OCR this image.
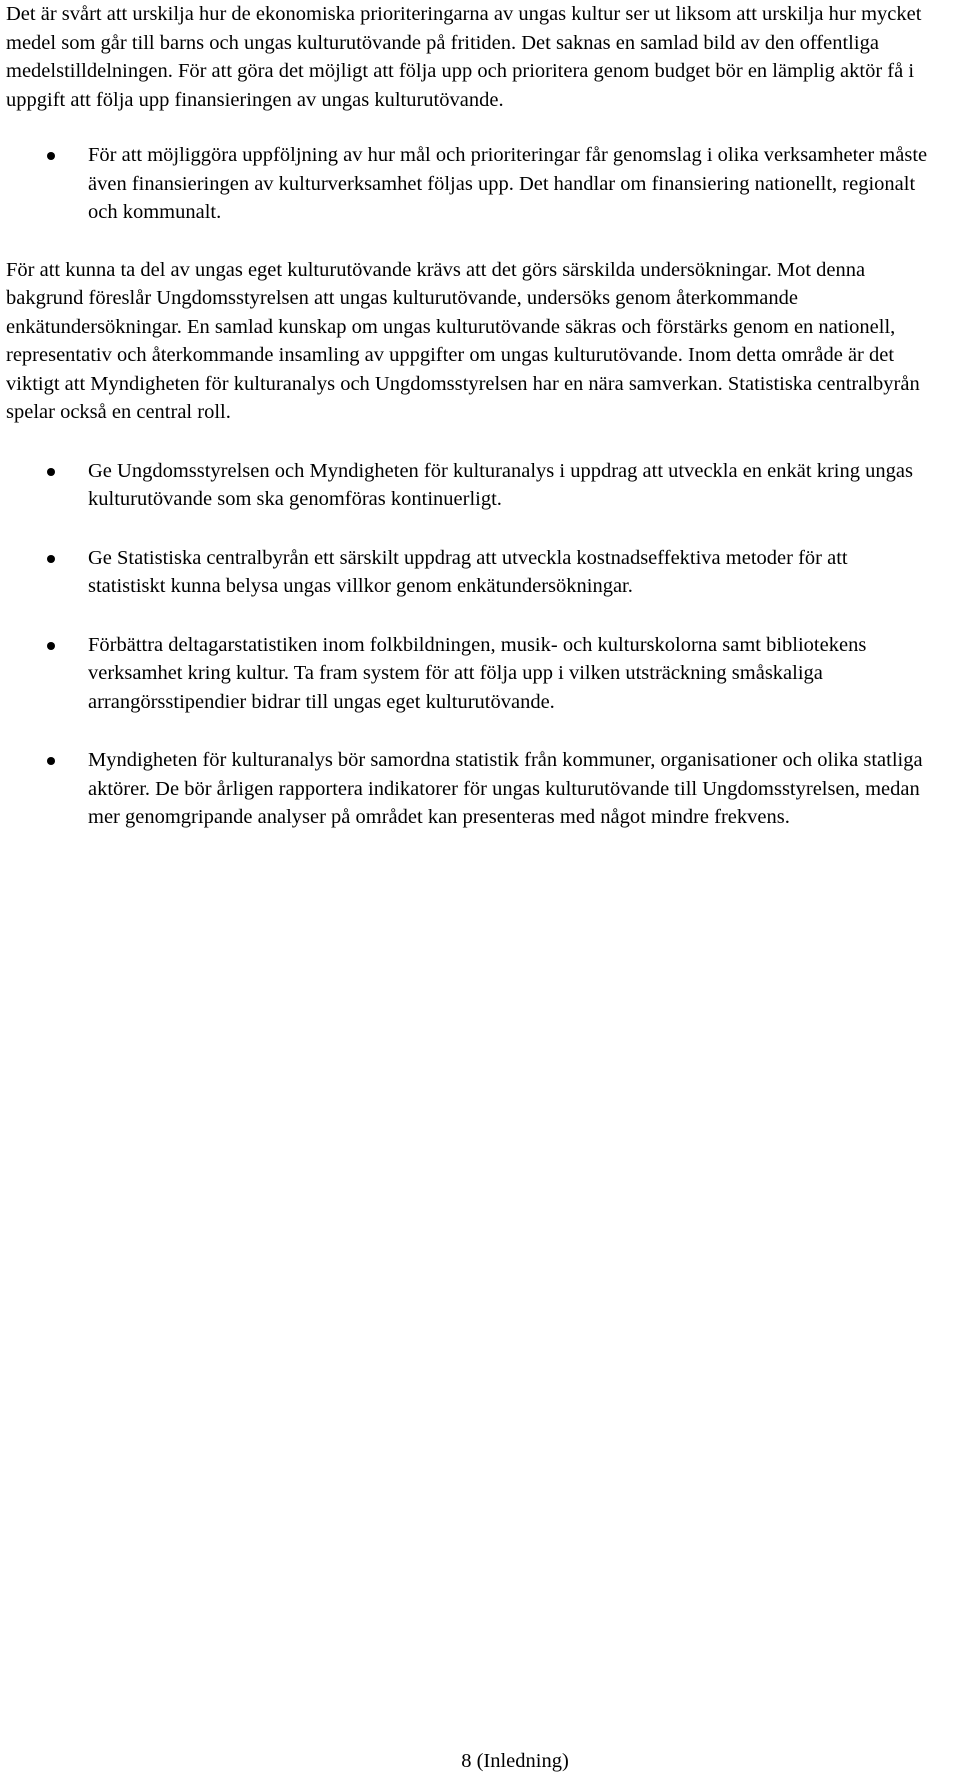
Det är svårt att urskilja hur de ekonomiska prioriteringarna av ungas kultur ser ut liksom att urskilja hur mycket medel som går till barns och ungas kulturutövande på fritiden. Det saknas en samlad bild av den offentliga medelstilldelningen. För att göra det möjligt att följa upp och prioritera genom budget bör en lämplig aktör få i uppgift att följa upp finansieringen av ungas kulturutövande.

För att möjliggöra uppföljning av hur mål och prioriteringar får genomslag i olika verksamheter måste även finansieringen av kulturverksamhet följas upp. Det handlar om finansiering nationellt, regionalt och kommunalt.

För att kunna ta del av ungas eget kulturutövande krävs att det görs särskilda undersökningar. Mot denna bakgrund föreslår Ungdomsstyrelsen att ungas kulturutövande, undersöks genom återkommande enkätundersökningar. En samlad kunskap om ungas kulturutövande säkras och förstärks genom en nationell, representativ och återkommande insamling av uppgifter om ungas kulturutövande. Inom detta område är det viktigt att Myndigheten för kulturanalys och Ungdomsstyrelsen har en nära samverkan. Statistiska centralbyrån spelar också en central roll.

Ge Ungdomsstyrelsen och Myndigheten för kulturanalys i uppdrag att utveckla en enkät kring ungas kulturutövande som ska genomföras kontinuerligt.
Ge Statistiska centralbyrån ett särskilt uppdrag att utveckla kostnadseffektiva metoder för att statistiskt kunna belysa ungas villkor genom enkätundersökningar.
Förbättra deltagarstatistiken inom folkbildningen, musik- och kulturskolorna samt bibliotekens verksamhet kring kultur. Ta fram system för att följa upp i vilken utsträckning småskaliga arrangörsstipendier bidrar till ungas eget kulturutövande.
Myndigheten för kulturanalys bör samordna statistik från kommuner, organisationer och olika statliga aktörer. De bör årligen rapportera indikatorer för ungas kulturutövande till Ungdomsstyrelsen, medan mer genomgripande analyser på området kan presenteras med något mindre frekvens.
8 (Inledning)
